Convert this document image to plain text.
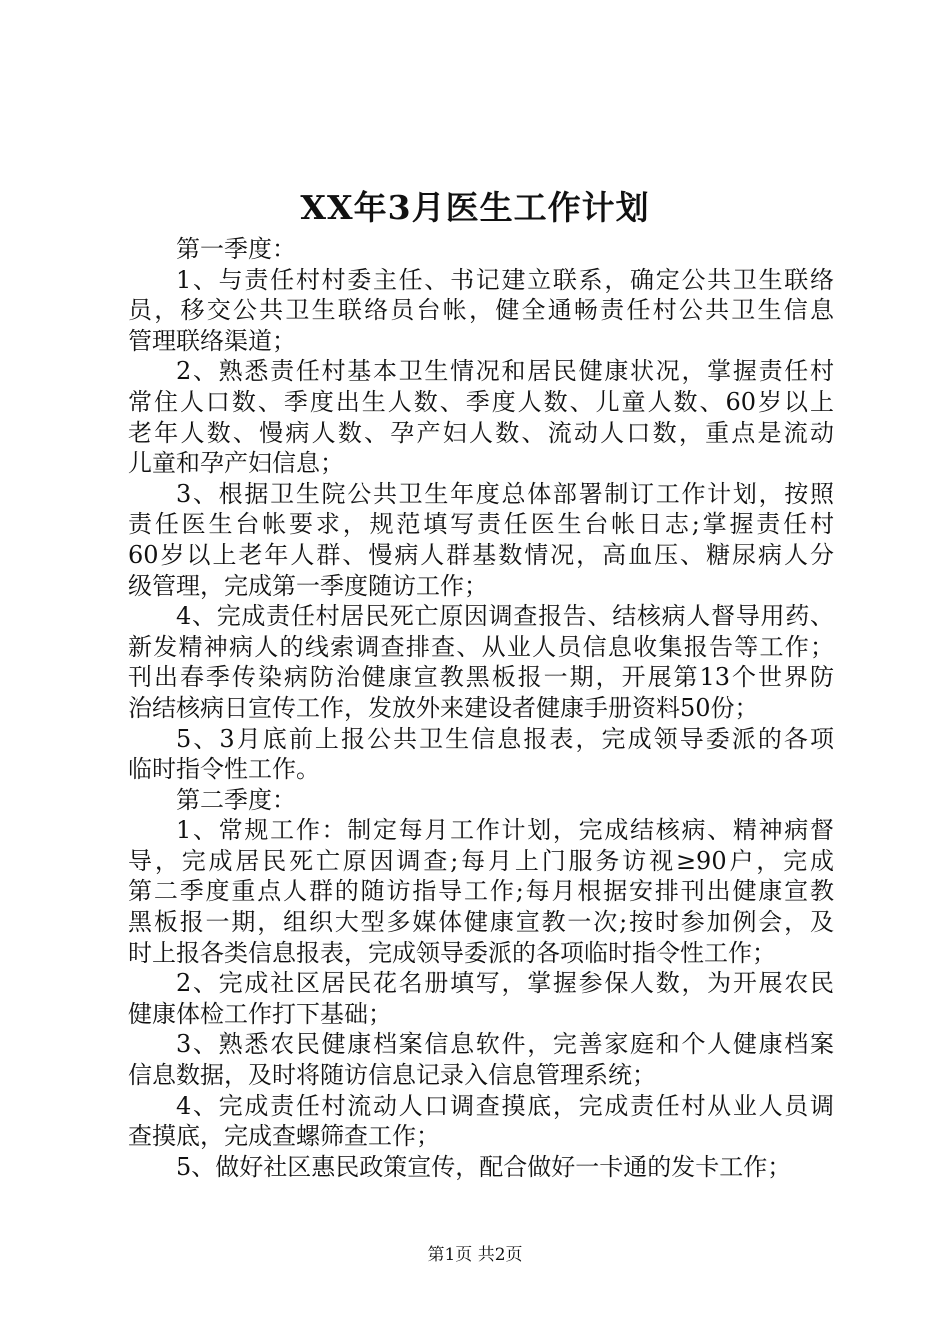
XX年3月医生工作计划
第一季度：
1、与责任村村委主任、书记建立联系，确定公共卫生联络
员，移交公共卫生联络员台帐，健全通畅责任村公共卫生信息
管理联络渠道；
2、熟悉责任村基本卫生情况和居民健康状况，掌握责任村
常住人口数、季度出生人数、季度人数、儿童人数、60岁以上
老年人数、慢病人数、孕产妇人数、流动人口数，重点是流动
儿童和孕产妇信息；
3、根据卫生院公共卫生年度总体部署制订工作计划，按照
责任医生台帐要求，规范填写责任医生台帐日志;掌握责任村
60岁以上老年人群、慢病人群基数情况，高血压、糖尿病人分
级管理，完成第一季度随访工作；
4、完成责任村居民死亡原因调查报告、结核病人督导用药、
新发精神病人的线索调查排查、从业人员信息收集报告等工作；
刊出春季传染病防治健康宣教黑板报一期，开展第13个世界防
治结核病日宣传工作，发放外来建设者健康手册资料50份；
5、3月底前上报公共卫生信息报表，完成领导委派的各项
临时指令性工作。
第二季度：
1、常规工作：制定每月工作计划，完成结核病、精神病督
导，完成居民死亡原因调查;每月上门服务访视≥90户，完成
第二季度重点人群的随访指导工作;每月根据安排刊出健康宣教
黑板报一期，组织大型多媒体健康宣教一次;按时参加例会，及
时上报各类信息报表，完成领导委派的各项临时指令性工作；
2、完成社区居民花名册填写，掌握参保人数，为开展农民
健康体检工作打下基础；
3、熟悉农民健康档案信息软件，完善家庭和个人健康档案
信息数据，及时将随访信息记录入信息管理系统；
4、完成责任村流动人口调查摸底，完成责任村从业人员调
查摸底，完成查螺筛查工作；
5、做好社区惠民政策宣传，配合做好一卡通的发卡工作；
第1页 共2页
